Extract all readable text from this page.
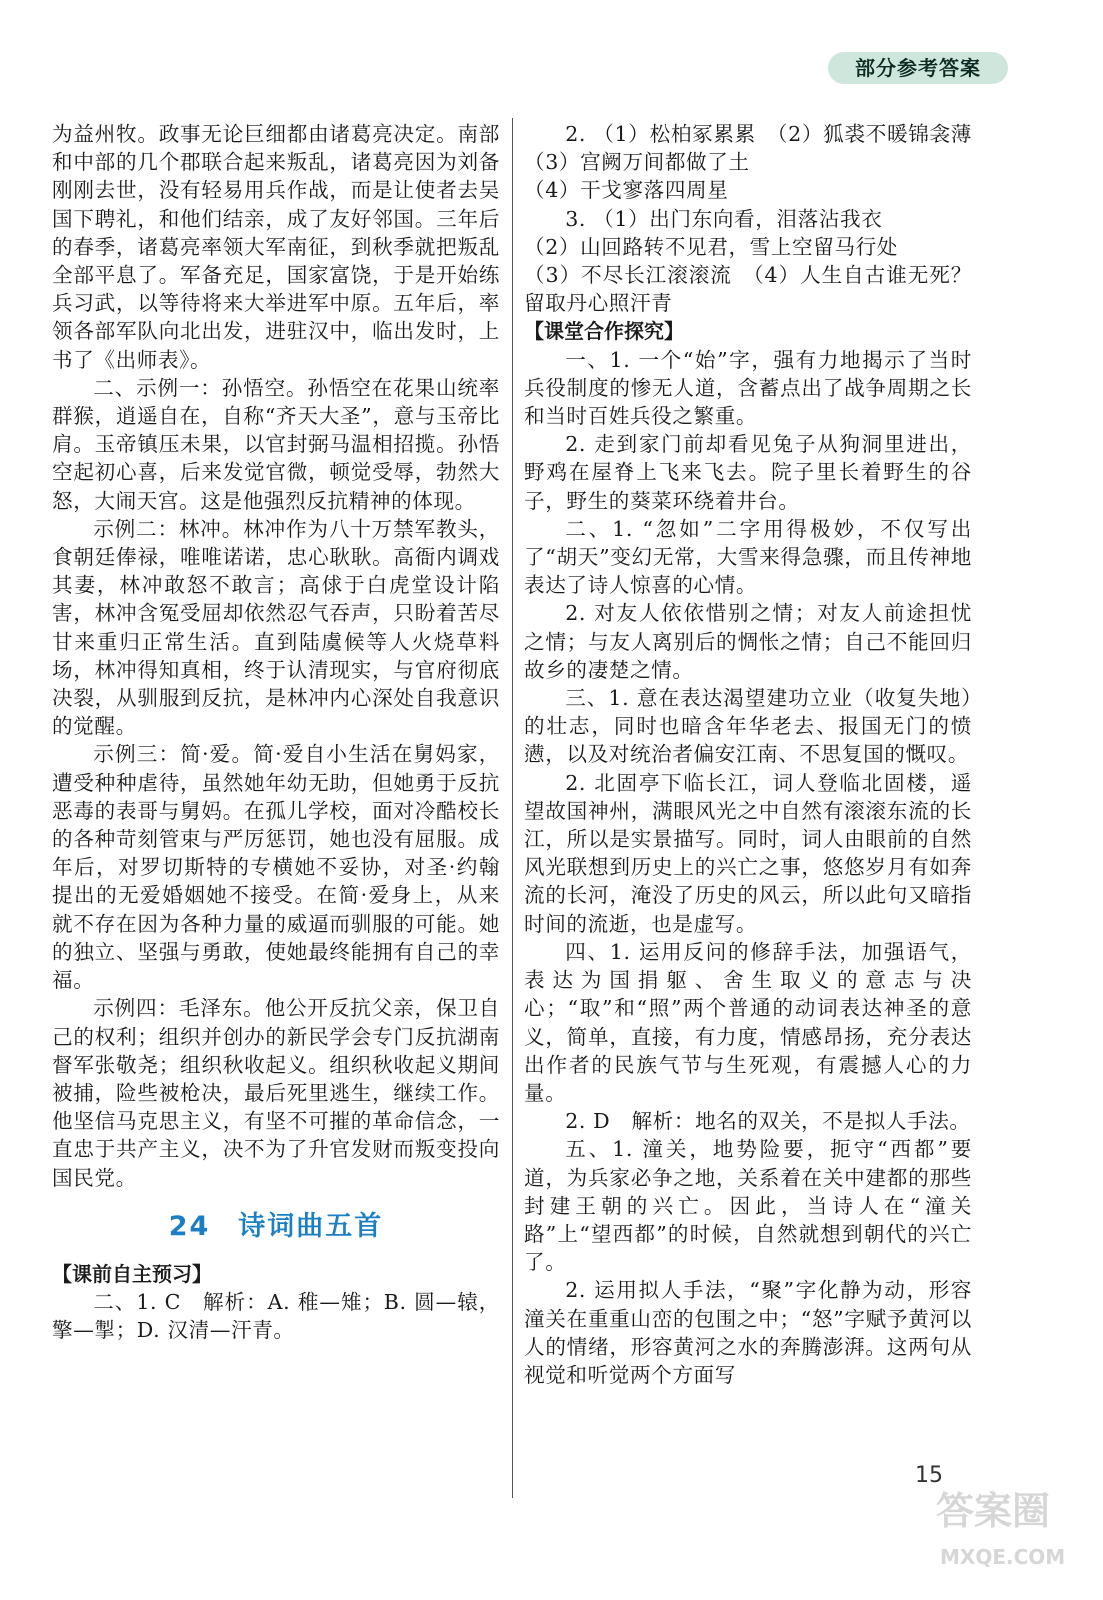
部分参考答案

为益州牧。政事无论巨细都由诸葛亮决定。南部和中部的几个郡联合起来叛乱，诸葛亮因为刘备刚刚去世，没有轻易用兵作战，而是让使者去吴国下聘礼，和他们结亲，成了友好邻国。三年后的春季，诸葛亮率领大军南征，到秋季就把叛乱全部平息了。军备充足，国家富饶，于是开始练兵习武，以等待将来大举进军中原。五年后，率领各部军队向北出发，进驻汉中，临出发时，上书了《出师表》。

二、示例一：孙悟空。孙悟空在花果山统率群猴，逍遥自在，自称“齐天大圣”，意与玉帝比肩。玉帝镇压未果，以官封弼马温相招揽。孙悟空起初心喜，后来发觉官微，顿觉受辱，勃然大怒，大闹天宫。这是他强烈反抗精神的体现。

示例二：林冲。林冲作为八十万禁军教头，食朝廷俸禄，唯唯诺诺，忠心耿耿。高衙内调戏其妻，林冲敢怒不敢言；高俅于白虎堂设计陷害，林冲含冤受屈却依然忍气吞声，只盼着苦尽甘来重归正常生活。直到陆虞候等人火烧草料场，林冲得知真相，终于认清现实，与官府彻底决裂，从驯服到反抗，是林冲内心深处自我意识的觉醒。

示例三：简·爱。简·爱自小生活在舅妈家，遭受种种虐待，虽然她年幼无助，但她勇于反抗恶毒的表哥与舅妈。在孤儿学校，面对冷酷校长的各种苛刻管束与严厉惩罚，她也没有屈服。成年后，对罗切斯特的专横她不妥协，对圣·约翰提出的无爱婚姻她不接受。在简·爱身上，从来就不存在因为各种力量的威逼而驯服的可能。她的独立、坚强与勇敢，使她最终能拥有自己的幸福。

示例四：毛泽东。他公开反抗父亲，保卫自己的权利；组织并创办的新民学会专门反抗湖南督军张敬尧；组织秋收起义。组织秋收起义期间被捕，险些被枪决，最后死里逃生，继续工作。他坚信马克思主义，有坚不可摧的革命信念，一直忠于共产主义，决不为了升官发财而叛变投向国民党。

24 诗词曲五首

【课前自主预习】

二、1. C　解析：A. 稚—雉；B. 圆—辕，擎—掣；D. 汉清—汗青。

2. （1）松柏冢累累　（2）狐裘不暖锦衾薄　（3）宫阙万间都做了土

（4）干戈寥落四周星

3. （1）出门东向看，泪落沾我衣

（2）山回路转不见君，雪上空留马行处

（3）不尽长江滚滚流　（4）人生自古谁无死？留取丹心照汗青

【课堂合作探究】

一、1. 一个“始”字，强有力地揭示了当时兵役制度的惨无人道，含蓄点出了战争周期之长和当时百姓兵役之繁重。

2. 走到家门前却看见兔子从狗洞里进出，野鸡在屋脊上飞来飞去。院子里长着野生的谷子，野生的葵菜环绕着井台。

二、1. “忽如”二字用得极妙，不仅写出了“胡天”变幻无常，大雪来得急骤，而且传神地表达了诗人惊喜的心情。

2. 对友人依依惜别之情；对友人前途担忧之情；与友人离别后的惆怅之情；自己不能回归故乡的凄楚之情。

三、1. 意在表达渴望建功立业（收复失地）的壮志，同时也暗含年华老去、报国无门的愤懑，以及对统治者偏安江南、不思复国的慨叹。

2. 北固亭下临长江，词人登临北固楼，遥望故国神州，满眼风光之中自然有滚滚东流的长江，所以是实景描写。同时，词人由眼前的自然风光联想到历史上的兴亡之事，悠悠岁月有如奔流的长河，淹没了历史的风云，所以此句又暗指时间的流逝，也是虚写。

四、1. 运用反问的修辞手法，加强语气，表达为国捐躯、舍生取义的意志与决心；“取”和“照”两个普通的动词表达神圣的意义，简单，直接，有力度，情感昂扬，充分表达出作者的民族气节与生死观，有震撼人心的力量。

2. D　解析：地名的双关，不是拟人手法。

五、1. 潼关，地势险要，扼守“西都”要道，为兵家必争之地，关系着在关中建都的那些封建王朝的兴亡。因此，当诗人在“潼关路”上“望西都”的时候，自然就想到朝代的兴亡了。

2. 运用拟人手法，“聚”字化静为动，形容潼关在重重山峦的包围之中；“怒”字赋予黄河以人的情绪，形容黄河之水的奔腾澎湃。这两句从视觉和听觉两个方面写

15
答案圈
MXQE.COM
